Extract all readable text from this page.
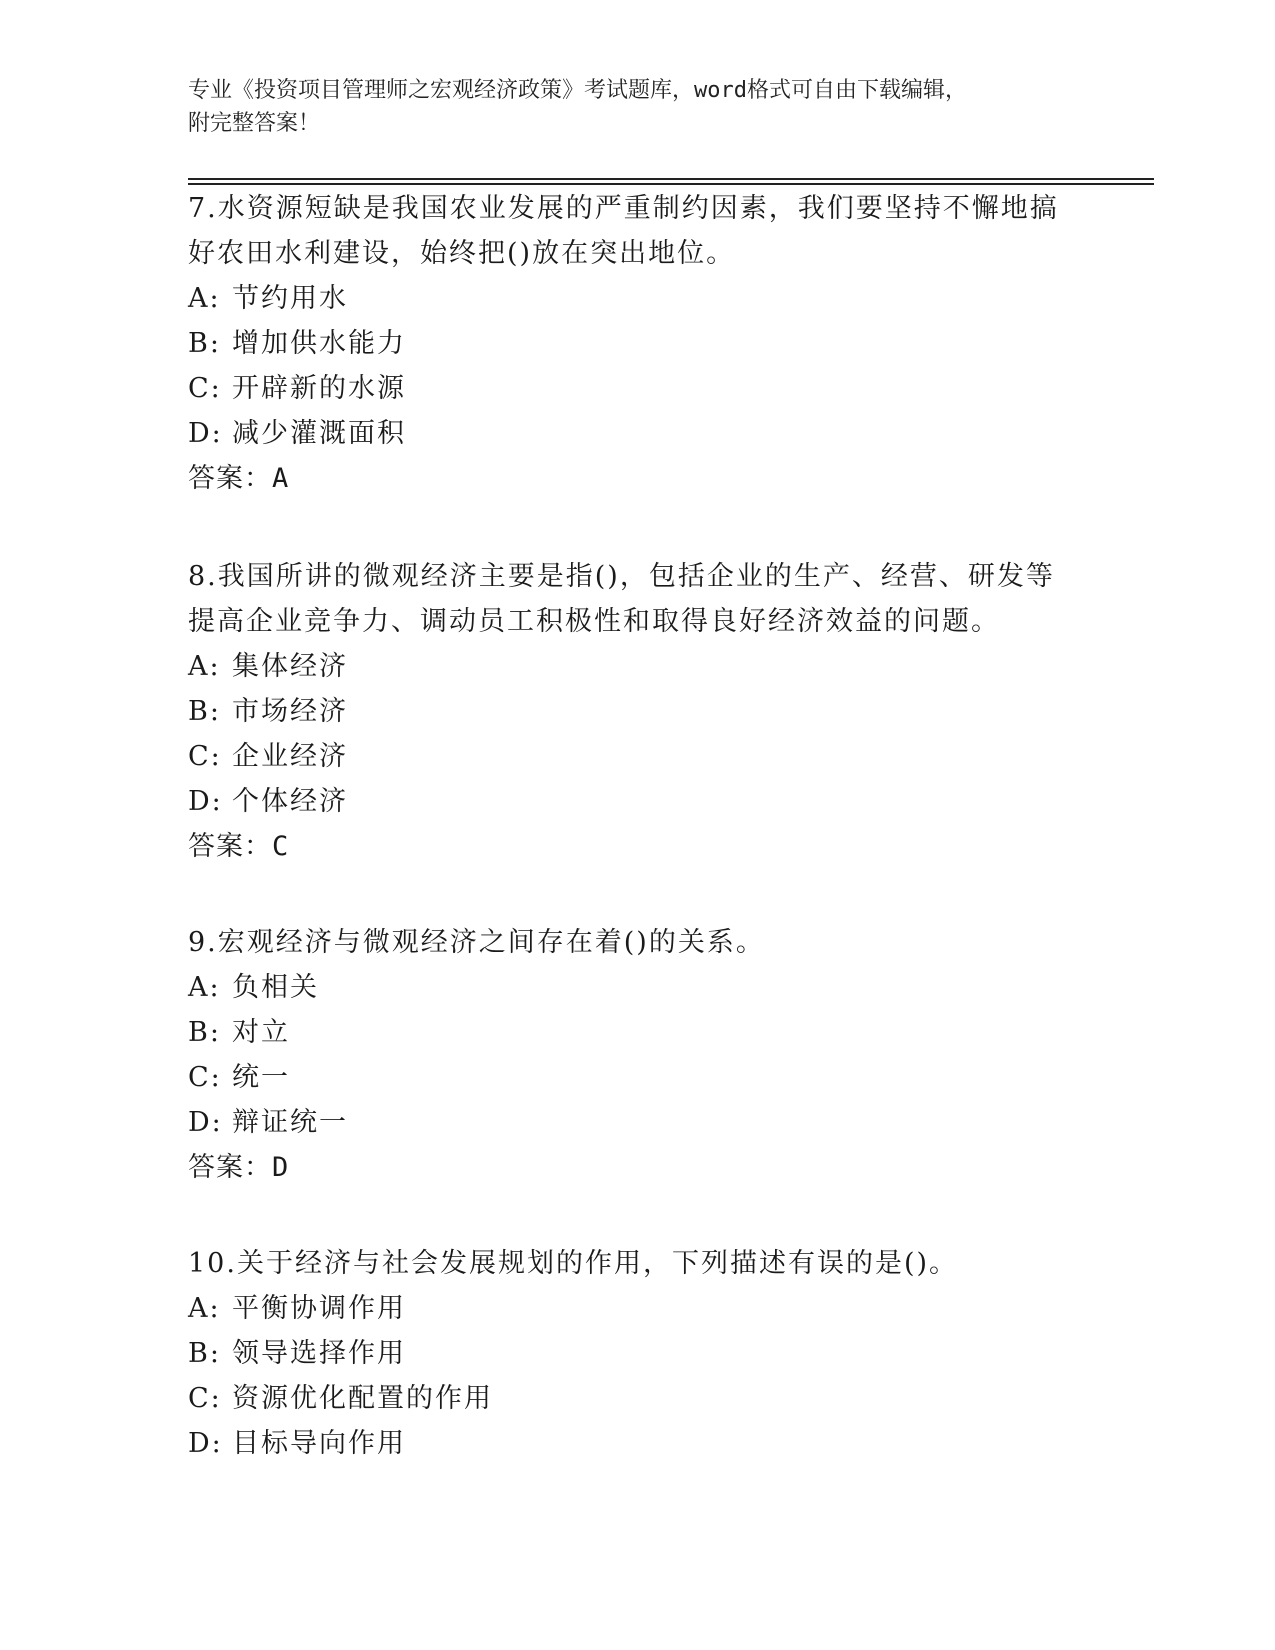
专业《投资项目管理师之宏观经济政策》考试题库，word格式可自由下载编辑，
附完整答案！
7.水资源短缺是我国农业发展的严重制约因素，我们要坚持不懈地搞
好农田水利建设，始终把()放在突出地位。
A: 节约用水
B: 增加供水能力
C: 开辟新的水源
D: 减少灌溉面积
答案：A
8.我国所讲的微观经济主要是指()，包括企业的生产、经营、研发等
提高企业竞争力、调动员工积极性和取得良好经济效益的问题。
A: 集体经济
B: 市场经济
C: 企业经济
D: 个体经济
答案：C
9.宏观经济与微观经济之间存在着()的关系。
A: 负相关
B: 对立
C: 统一
D: 辩证统一
答案：D
10.关于经济与社会发展规划的作用，下列描述有误的是()。
A: 平衡协调作用
B: 领导选择作用
C: 资源优化配置的作用
D: 目标导向作用
